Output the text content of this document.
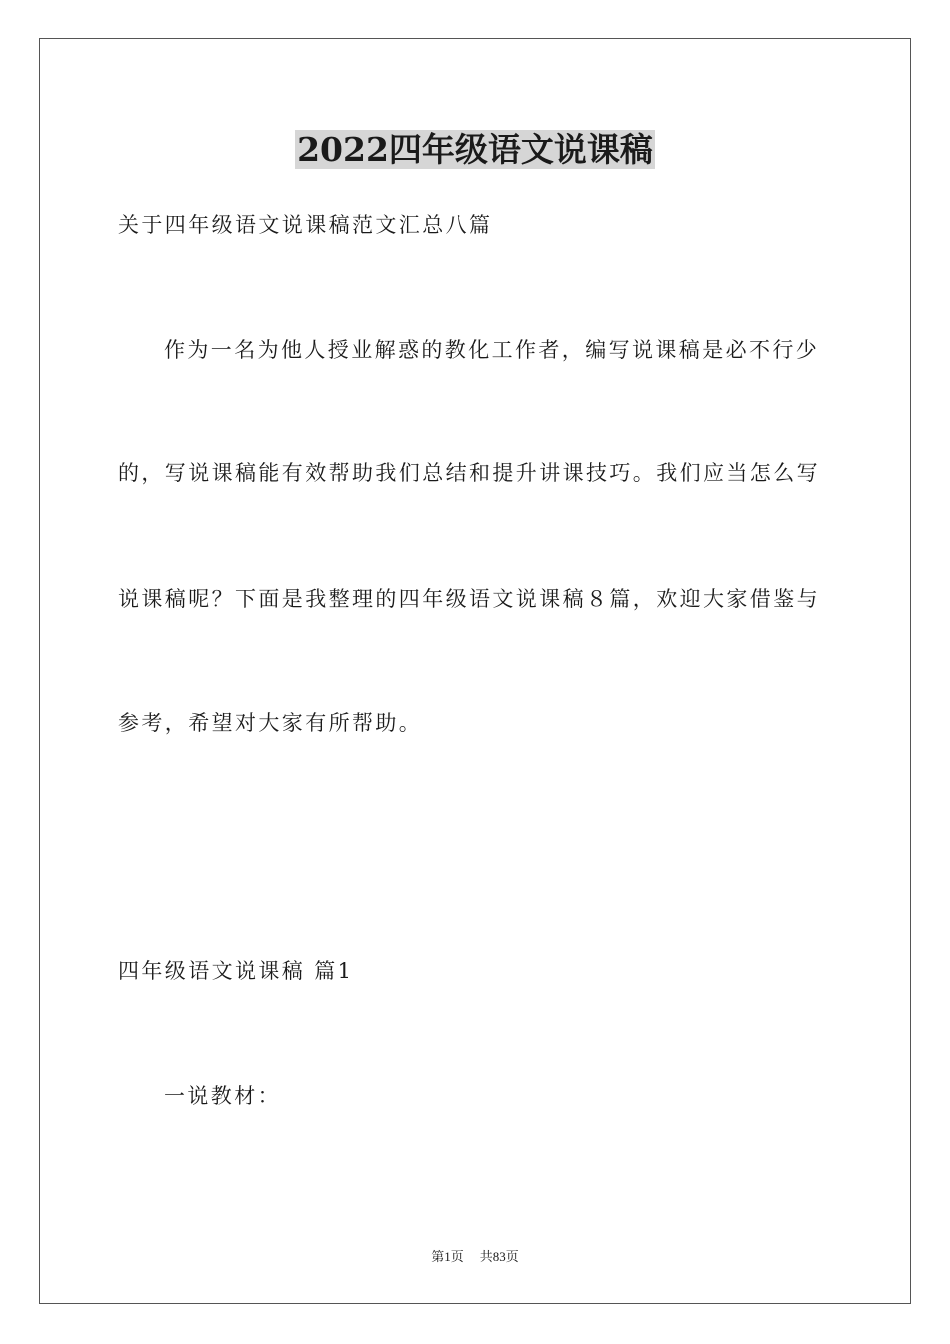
2022四年级语文说课稿
关于四年级语文说课稿范文汇总八篇
作为一名为他人授业解惑的教化工作者，编写说课稿是必不行少
的，写说课稿能有效帮助我们总结和提升讲课技巧。我们应当怎么写
说课稿呢？下面是我整理的四年级语文说课稿８篇，欢迎大家借鉴与
参考，希望对大家有所帮助。
四年级语文说课稿 篇1
一说教材：
第1页 共83页
